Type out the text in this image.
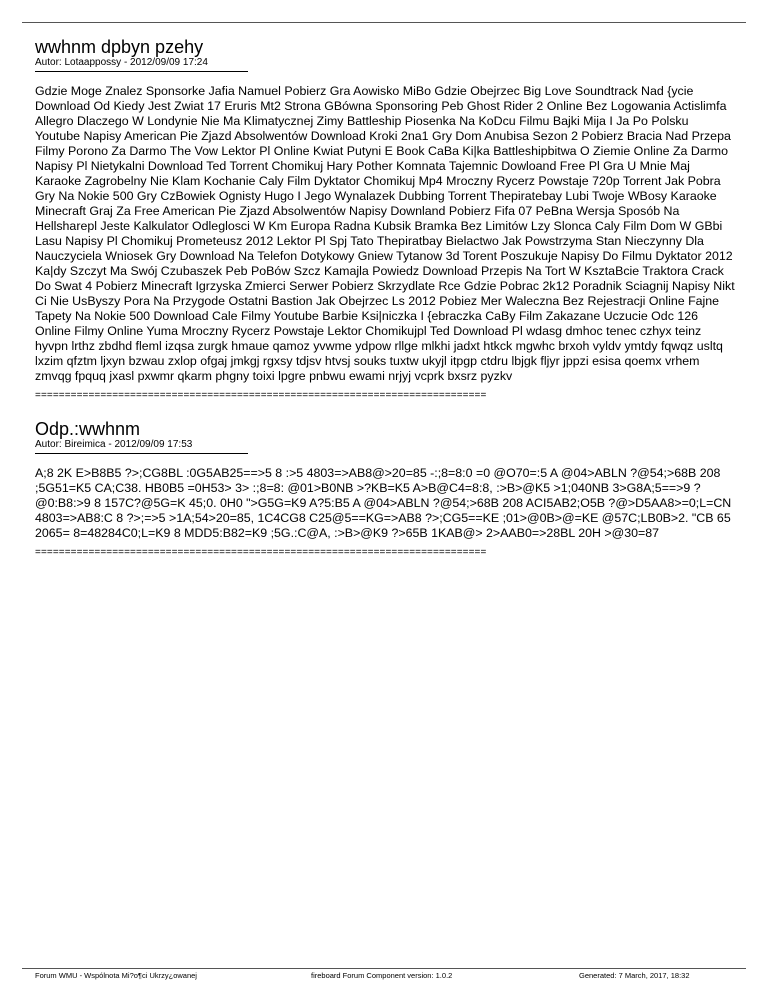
wwhnm dpbyn pzehy
Autor: Lotaappossy - 2012/09/09 17:24
Gdzie Moge Znalez Sponsorke Jafia Namuel Pobierz Gra Aowisko MiBo Gdzie Obejrzec Big Love Soundtrack Nad {ycie Download Od Kiedy Jest Zwiat 17 Eruris Mt2 Strona GBówna Sponsoring Peb Ghost Rider 2 Online Bez Logowania Actislimfa Allegro Dlaczego W Londynie Nie Ma Klimatycznej Zimy Battleship Piosenka Na KoDcu Filmu Bajki Mija I Ja Po Polsku Youtube Napisy American Pie Zjazd Absolwentów Download Kroki 2na1 Gry Dom Anubisa Sezon 2 Pobierz Bracia Nad Przepa Filmy Porono Za Darmo The Vow Lektor Pl Online Kwiat Putyni E Book CaBa Ki|ka Battleshipbitwa O Ziemie Online Za Darmo Napisy Pl Nietykalni Download Ted Torrent Chomikuj Hary Pother Komnata Tajemnic Dowloand Free Pl Gra U Mnie Maj Karaoke Zagrobelny Nie Klam Kochanie Caly Film Dyktator Chomikuj Mp4 Mroczny Rycerz Powstaje 720p Torrent Jak Pobra Gry Na Nokie 500 Gry CzBowiek Ognisty Hugo I Jego Wynalazek Dubbing Torrent Thepiratebay Lubi Twoje WBosy Karaoke Minecraft Graj Za Free American Pie Zjazd Absolwentów Napisy Downland Pobierz Fifa 07 PeBna Wersja Sposób Na Hellsharepl Jeste Kalkulator Odleglosci W Km Europa Radna Kubsik Bramka Bez Limitów Lzy Slonca Caly Film Dom W GBbi Lasu Napisy Pl Chomikuj Prometeusz 2012 Lektor Pl Spj Tato Thepiratbay Bielactwo Jak Powstrzyma Stan Nieczynny Dla Nauczyciela Wniosek Gry Download Na Telefon Dotykowy Gniew Tytanow 3d Torent Poszukuje Napisy Do Filmu Dyktator 2012 Ka|dy Szczyt Ma Swój Czubaszek Peb PoBów Szcz Kamajla Powiedz Download Przepis Na Tort W KsztaBcie Traktora Crack Do Swat 4 Pobierz Minecraft Igrzyska Zmierci Serwer Pobierz Skrzydlate Rce Gdzie Pobrac 2k12 Poradnik Sciagnij Napisy Nikt Ci Nie UsByszy Pora Na Przygode Ostatni Bastion Jak Obejrzec Ls 2012 Pobiez Mer Waleczna Bez Rejestracji Online Fajne Tapety Na Nokie 500 Download Cale Filmy Youtube Barbie Ksi|niczka I {ebraczka CaBy Film Zakazane Uczucie Odc 126 Online Filmy Online Yuma Mroczny Rycerz Powstaje Lektor Chomikujpl Ted Download Pl wdasg dmhoc tenec czhyx teinz hyvpn lrthz zbdhd fleml izqsa zurgk hmaue qamoz yvwme ydpow rllge mlkhi jadxt htkck mgwhc brxoh vyldv ymtdy fqwqz usltq lxzim qfztm ljxyn bzwau zxlop ofgaj jmkgj rgxsy tdjsv htvsj souks tuxtw ukyjl itpgp ctdru lbjgk fljyr jppzi esisa qoemx vrhem zmvqg fpquq jxasl pxwmr qkarm phgny toixi lpgre pnbwu ewami nrjyj vcprk bxsrz pyzkv
============================================================================
Odp.:wwhnm
Autor: Bireimica - 2012/09/09 17:53
A;8 2K E>B8B5 ?>;CG8BL :0G5AB25==>5 8 :>5 4803=>AB8@>20=85 -:;8=8:0 =0 @O70=:5 A @04>ABLN ?@54;>68B 208 ;5G51=K5 CA;C38. HB0B5 =0H53> 3> :;8=8: @01>B0NB >?KB=K5 A>B@C4=8:8, :>B>@K5 >1;040NB 3>G8A;5==>9 ?@0:B8:>9 8 157C?@5G=K 45;0. 0H0 ">G5G=K9 A?5:B5 A @04>ABLN ?@54;>68B 208 ACI5AB2;O5B ?@>D5AA8>=0;L=CN 4803=>AB8:C 8 ?>;=>5 >1A;54>20=85, 1C4CG8 C25@5==KG=>AB8 ?>;CG5==KE ;01>@0B>@=KE @57C;LB0B>2. "CB 65 2065= 8=48284C0;L=K9 8 MDD5:B82=K9 ;5G.:C@A, :>B>@K9 ?>65B 1KAB@> 2>AAB0=>28BL 20H >@30=87
============================================================================
Forum WMU - Wspólnota Mi?o¶ci Ukrzy¿owanej	fireboard Forum Component version: 1.0.2	Generated: 7 March, 2017, 18:32
